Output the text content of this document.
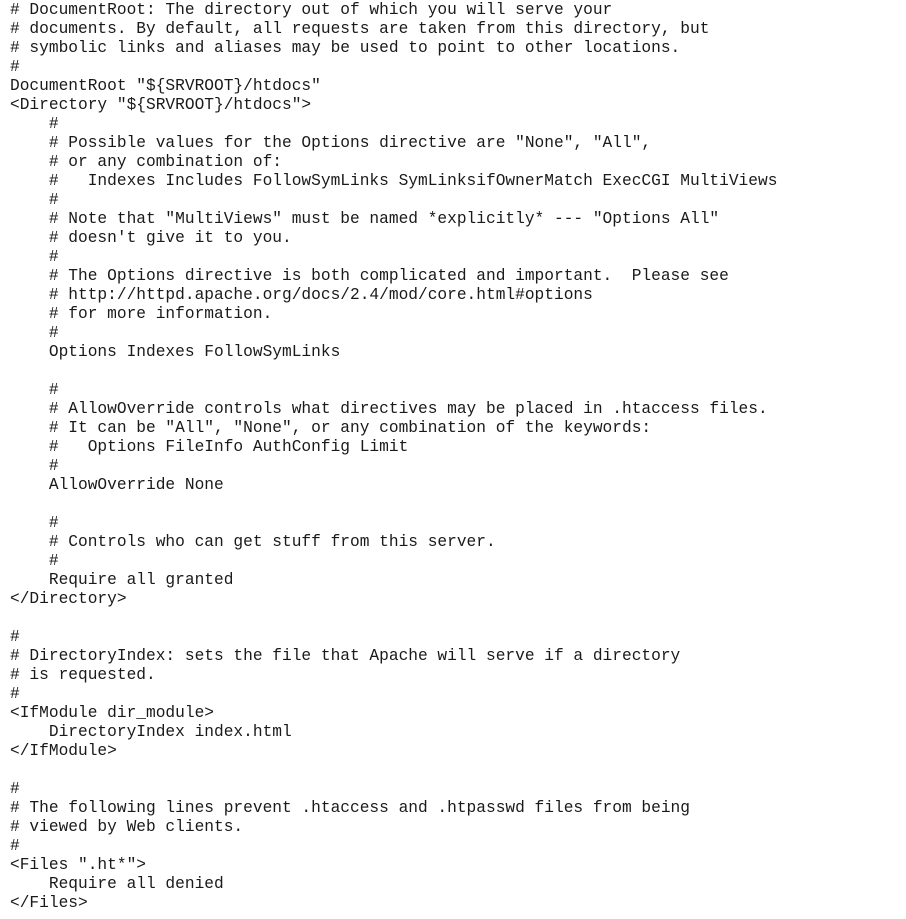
# DocumentRoot: The directory out of which you will serve your
# documents. By default, all requests are taken from this directory, but
# symbolic links and aliases may be used to point to other locations.
#
DocumentRoot "${SRVROOT}/htdocs"
<Directory "${SRVROOT}/htdocs">
#
# Possible values for the Options directive are "None", "All",
# or any combination of:
#   Indexes Includes FollowSymLinks SymLinksifOwnerMatch ExecCGI MultiViews
#
# Note that "MultiViews" must be named *explicitly* --- "Options All"
# doesn't give it to you.
#
# The Options directive is both complicated and important.  Please see
# http://httpd.apache.org/docs/2.4/mod/core.html#options
# for more information.
#
Options Indexes FollowSymLinks
#
# AllowOverride controls what directives may be placed in .htaccess files.
# It can be "All", "None", or any combination of the keywords:
#   Options FileInfo AuthConfig Limit
#
AllowOverride None
#
# Controls who can get stuff from this server.
#
Require all granted
</Directory>
#
# DirectoryIndex: sets the file that Apache will serve if a directory
# is requested.
#
<IfModule dir_module>
DirectoryIndex index.html
</IfModule>
#
# The following lines prevent .htaccess and .htpasswd files from being
# viewed by Web clients.
#
<Files ".ht*">
Require all denied
</Files>
